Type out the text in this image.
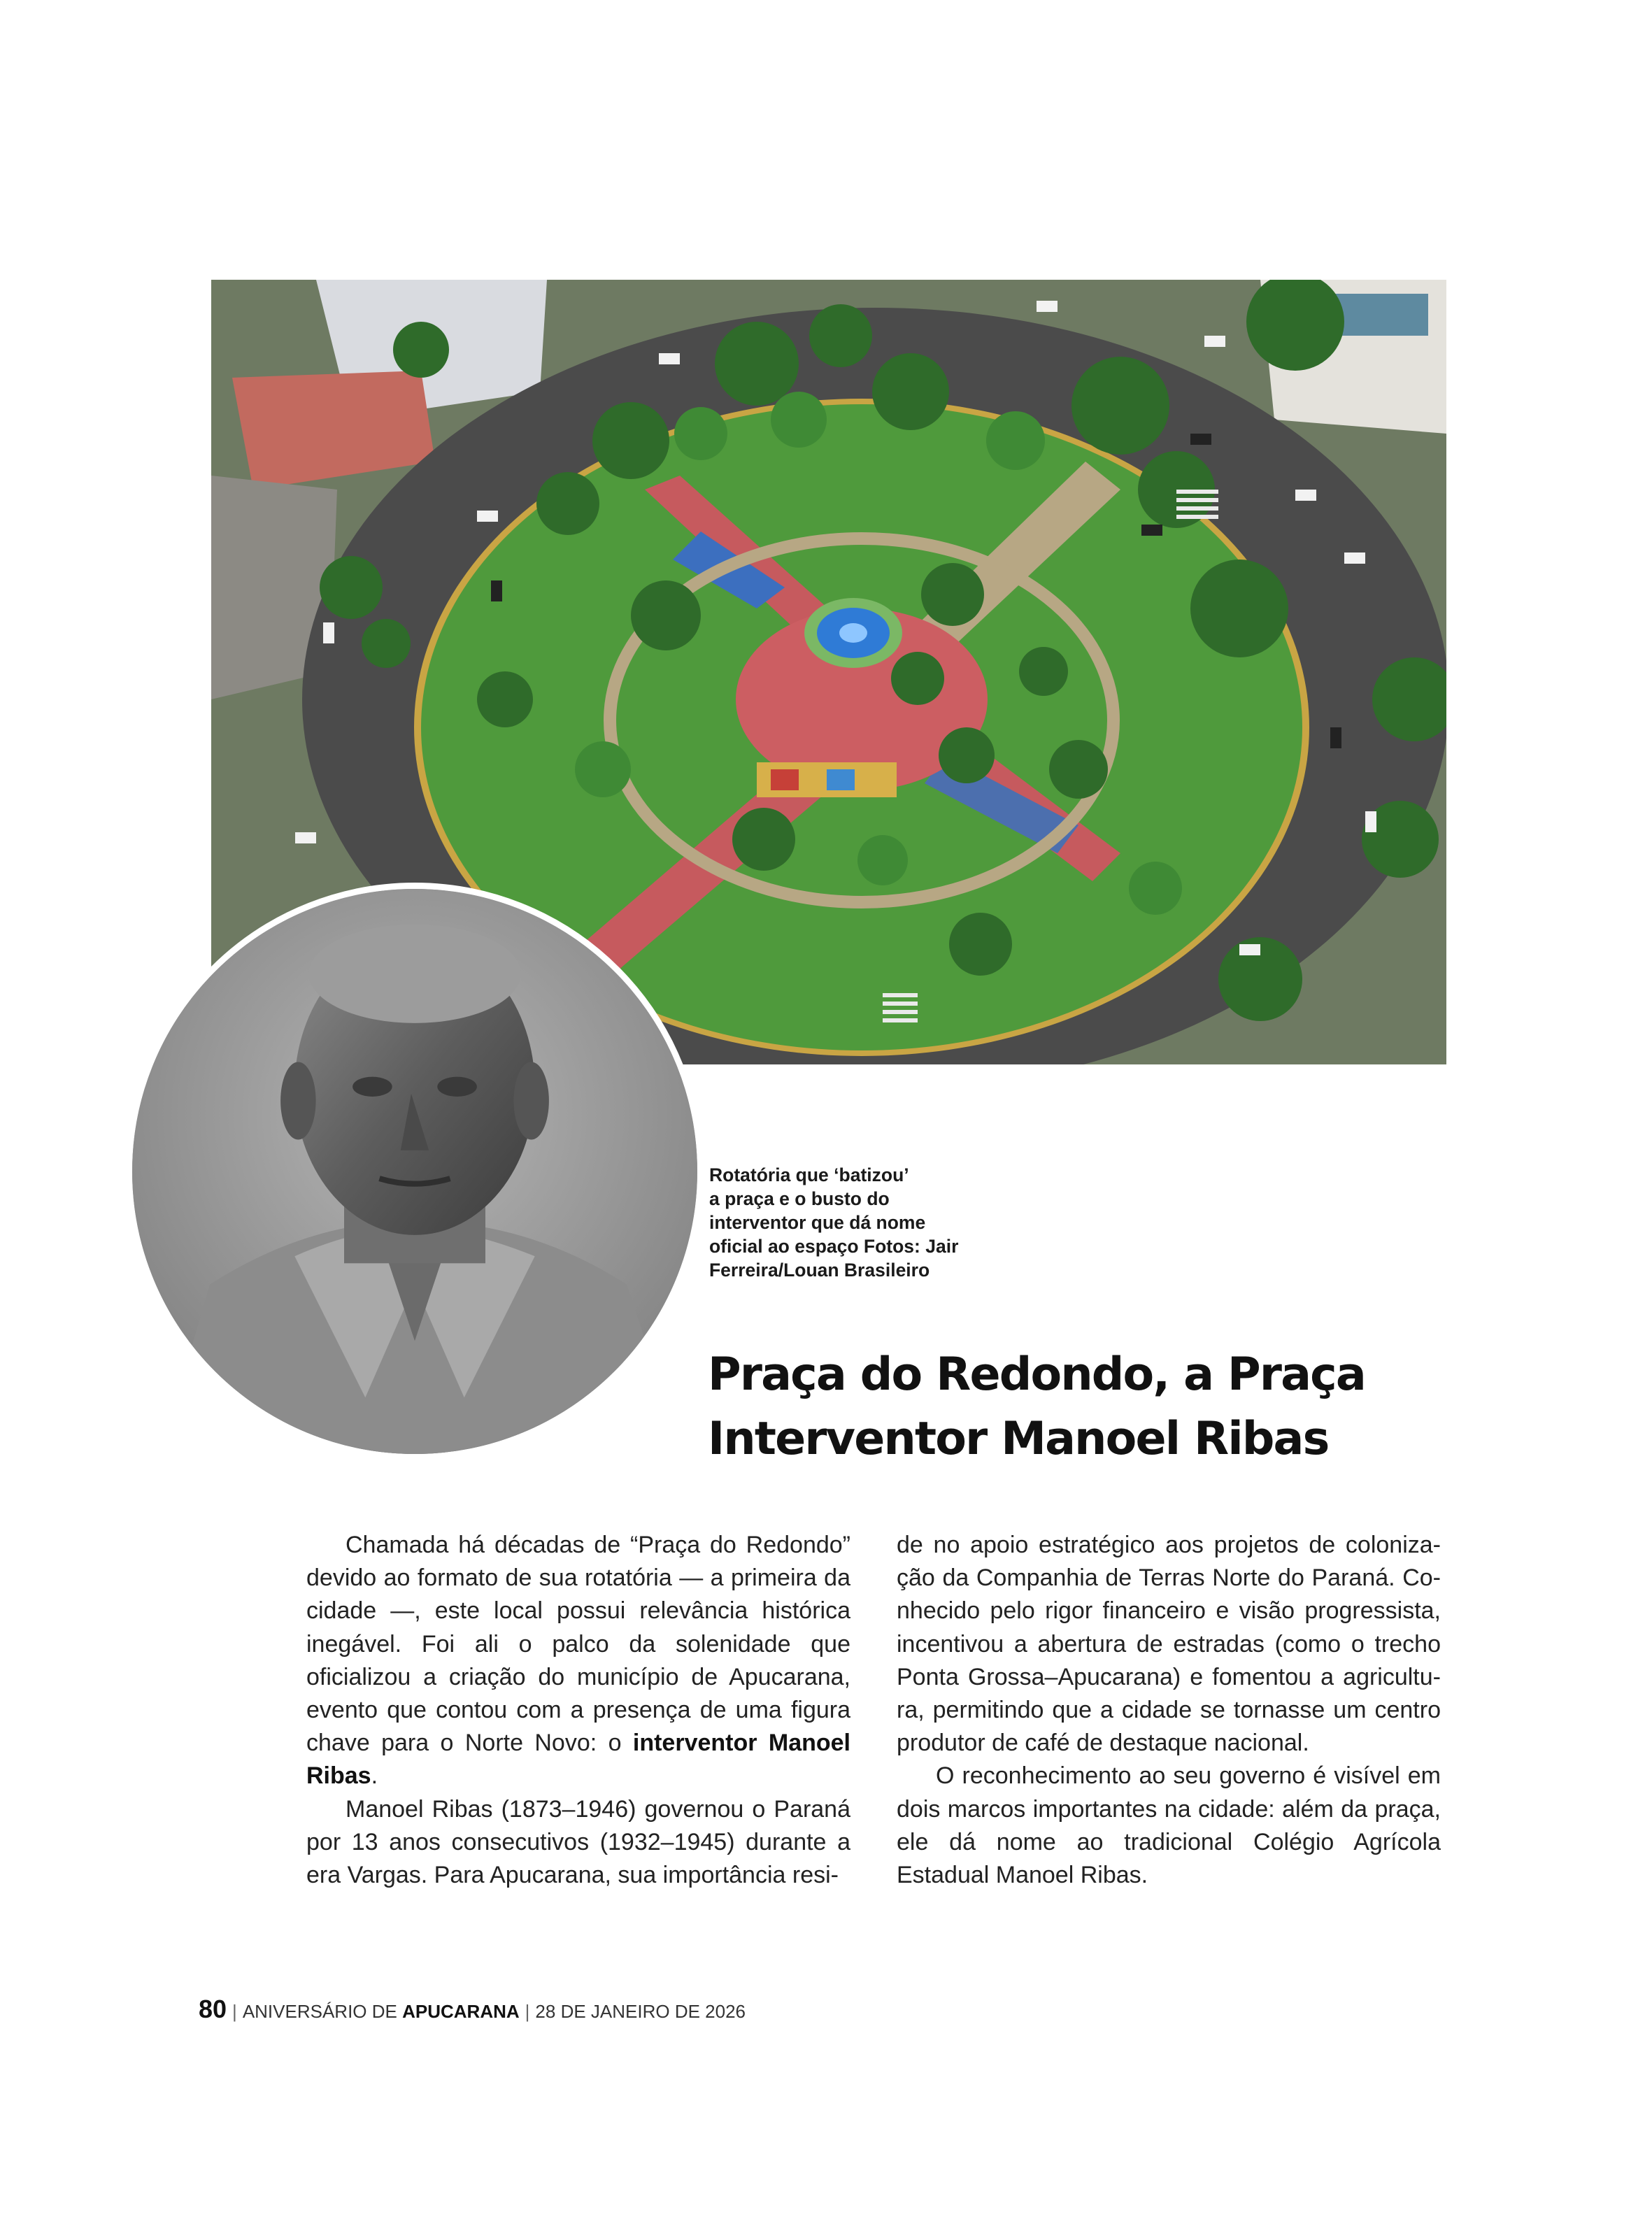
Rotatória que ‘batizou’
a praça e o busto do
interventor que dá nome
oficial ao espaço Fotos: Jair
Ferreira/Louan Brasileiro
Praça do Redondo, a Praça
Interventor Manoel Ribas

Chamada há décadas de “Praça do Redondo” devido ao formato de sua rotatória — a primeira da cidade —, este local possui relevância histórica inegável. Foi ali o palco da solenidade que oficializou a criação do município de Apucarana, evento que contou com a presença de uma figura chave para o Norte Novo: o interventor Manoel Ribas.

Manoel Ribas (1873–1946) governou o Paraná por 13 anos consecutivos (1932–1945) durante a era Vargas. Para Apucarana, sua importância resi-

de no apoio estratégico aos projetos de colonização da Companhia de Terras Norte do Paraná. Conhecido pelo rigor financeiro e visão progressista, incentivou a abertura de estradas (como o trecho Ponta Grossa–Apucarana) e fomentou a agricultura, permitindo que a cidade se tornasse um centro produtor de café de destaque nacional.

O reconhecimento ao seu governo é visível em dois marcos importantes na cidade: além da praça, ele dá nome ao tradicional Colégio Agrícola Estadual Manoel Ribas.

80 | ANIVERSÁRIO DE APUCARANA | 28 DE JANEIRO DE 2026
